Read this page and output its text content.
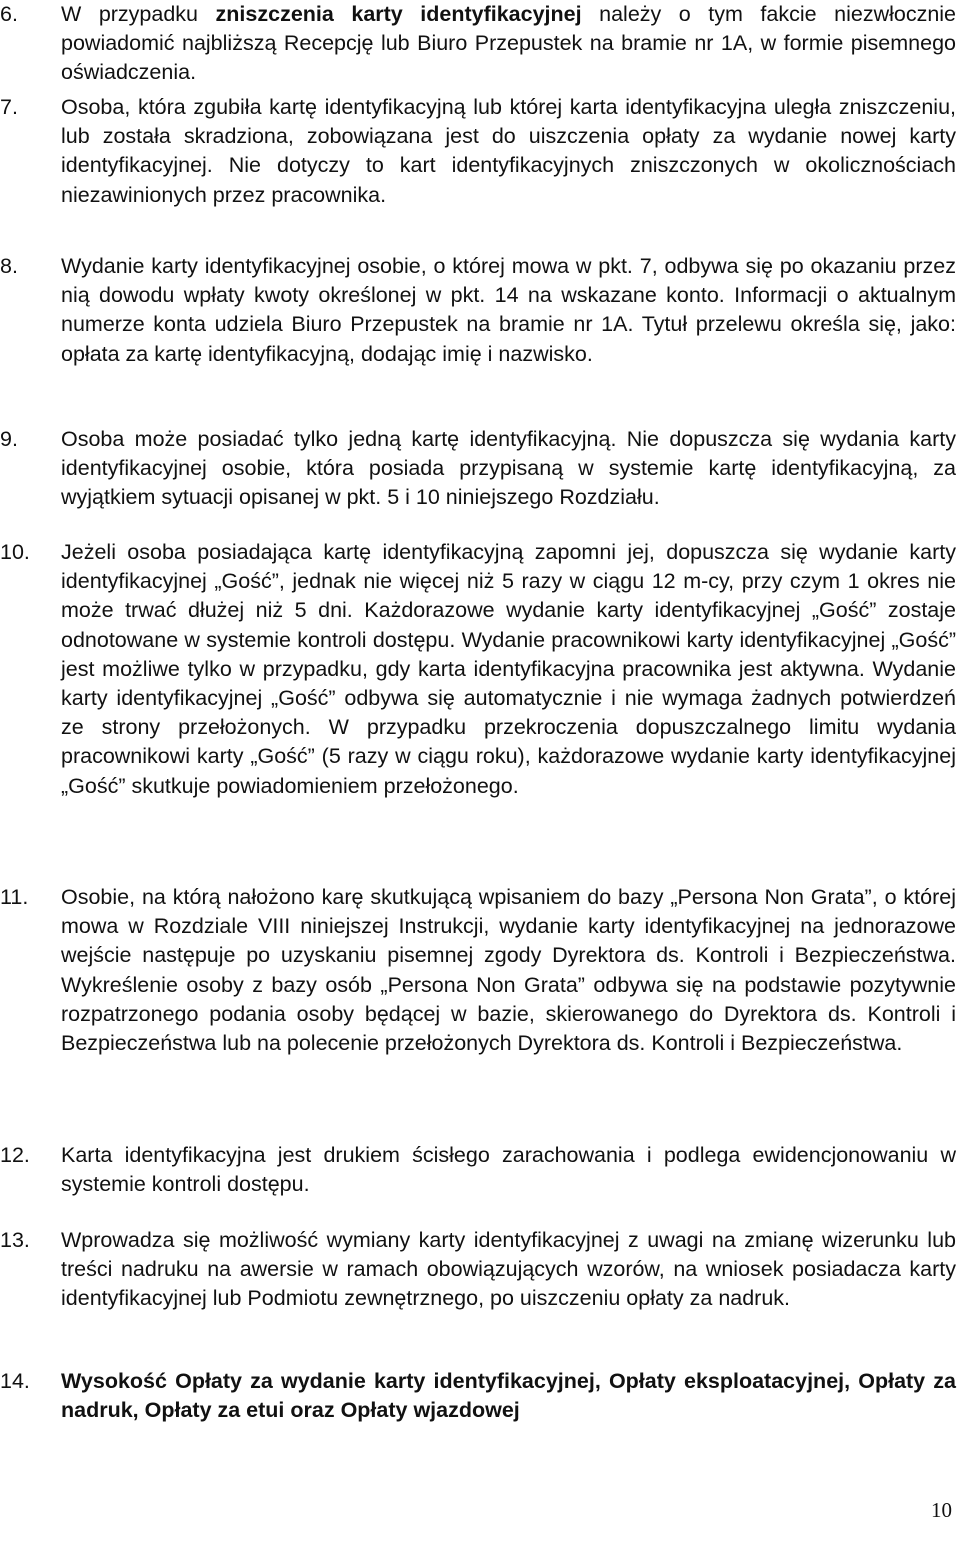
6.	W przypadku zniszczenia karty identyfikacyjnej należy o tym fakcie niezwłocznie powiadomić najbliższą Recepcję lub Biuro Przepustek na bramie nr 1A, w formie pisemnego oświadczenia.

7.	Osoba, która zgubiła kartę identyfikacyjną lub której karta identyfikacyjna uległa zniszczeniu, lub została skradziona, zobowiązana jest do uiszczenia opłaty za wydanie nowej karty identyfikacyjnej. Nie dotyczy to kart identyfikacyjnych zniszczonych w okolicznościach niezawinionych przez pracownika.

8.	Wydanie karty identyfikacyjnej osobie, o której mowa w pkt. 7, odbywa się po okazaniu przez nią dowodu wpłaty kwoty określonej w pkt. 14 na wskazane konto. Informacji o aktualnym numerze konta udziela Biuro Przepustek na bramie nr 1A. Tytuł przelewu określa się, jako: opłata za kartę identyfikacyjną, dodając imię i nazwisko.

9.	Osoba może posiadać tylko jedną kartę identyfikacyjną. Nie dopuszcza się wydania karty identyfikacyjnej osobie, która posiada przypisaną w systemie kartę identyfikacyjną, za wyjątkiem sytuacji opisanej w pkt. 5 i 10 niniejszego Rozdziału.

10.	Jeżeli osoba posiadająca kartę identyfikacyjną zapomni jej, dopuszcza się wydanie karty identyfikacyjnej „Gość”, jednak nie więcej niż 5 razy w ciągu 12 m-cy, przy czym 1 okres nie może trwać dłużej niż 5 dni. Każdorazowe wydanie karty identyfikacyjnej „Gość” zostaje odnotowane w systemie kontroli dostępu. Wydanie pracownikowi karty identyfikacyjnej „Gość” jest możliwe tylko w przypadku, gdy karta identyfikacyjna pracownika jest aktywna. Wydanie karty identyfikacyjnej „Gość” odbywa się automatycznie i nie wymaga żadnych potwierdzeń ze strony przełożonych. W przypadku przekroczenia dopuszczalnego limitu wydania pracownikowi karty „Gość” (5 razy w ciągu roku), każdorazowe wydanie karty identyfikacyjnej „Gość” skutkuje powiadomieniem przełożonego.

11.	Osobie, na którą nałożono karę skutkującą wpisaniem do bazy „Persona Non Grata”, o której mowa w Rozdziale VIII niniejszej Instrukcji, wydanie karty identyfikacyjnej na jednorazowe wejście następuje po uzyskaniu pisemnej zgody Dyrektora ds. Kontroli i Bezpieczeństwa. Wykreślenie osoby z bazy osób „Persona Non Grata” odbywa się na podstawie pozytywnie rozpatrzonego podania osoby będącej w bazie, skierowanego do Dyrektora ds. Kontroli i Bezpieczeństwa lub na polecenie przełożonych Dyrektora ds. Kontroli i Bezpieczeństwa.

12.	Karta identyfikacyjna jest drukiem ścisłego zarachowania i podlega ewidencjonowaniu w systemie kontroli dostępu.

13.	Wprowadza się możliwość wymiany karty identyfikacyjnej z uwagi na zmianę wizerunku lub treści nadruku na awersie w ramach obowiązujących wzorów, na wniosek posiadacza karty identyfikacyjnej lub Podmiotu zewnętrznego, po uiszczeniu opłaty za nadruk.

14.	Wysokość Opłaty za wydanie karty identyfikacyjnej, Opłaty eksploatacyjnej, Opłaty za nadruk, Opłaty za etui oraz Opłaty wjazdowej

10
